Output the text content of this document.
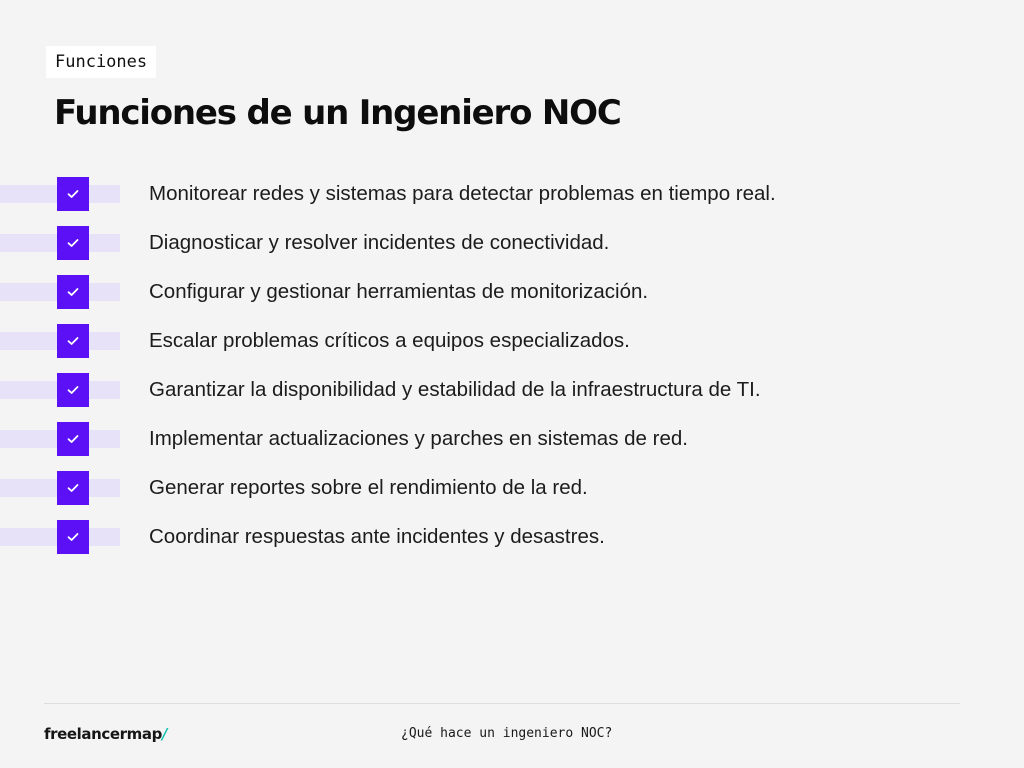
Funciones
Funciones de un Ingeniero NOC
Monitorear redes y sistemas para detectar problemas en tiempo real.
Diagnosticar y resolver incidentes de conectividad.
Configurar y gestionar herramientas de monitorización.
Escalar problemas críticos a equipos especializados.
Garantizar la disponibilidad y estabilidad de la infraestructura de TI.
Implementar actualizaciones y parches en sistemas de red.
Generar reportes sobre el rendimiento de la red.
Coordinar respuestas ante incidentes y desastres.
freelancermap/	¿Qué hace un ingeniero NOC?
